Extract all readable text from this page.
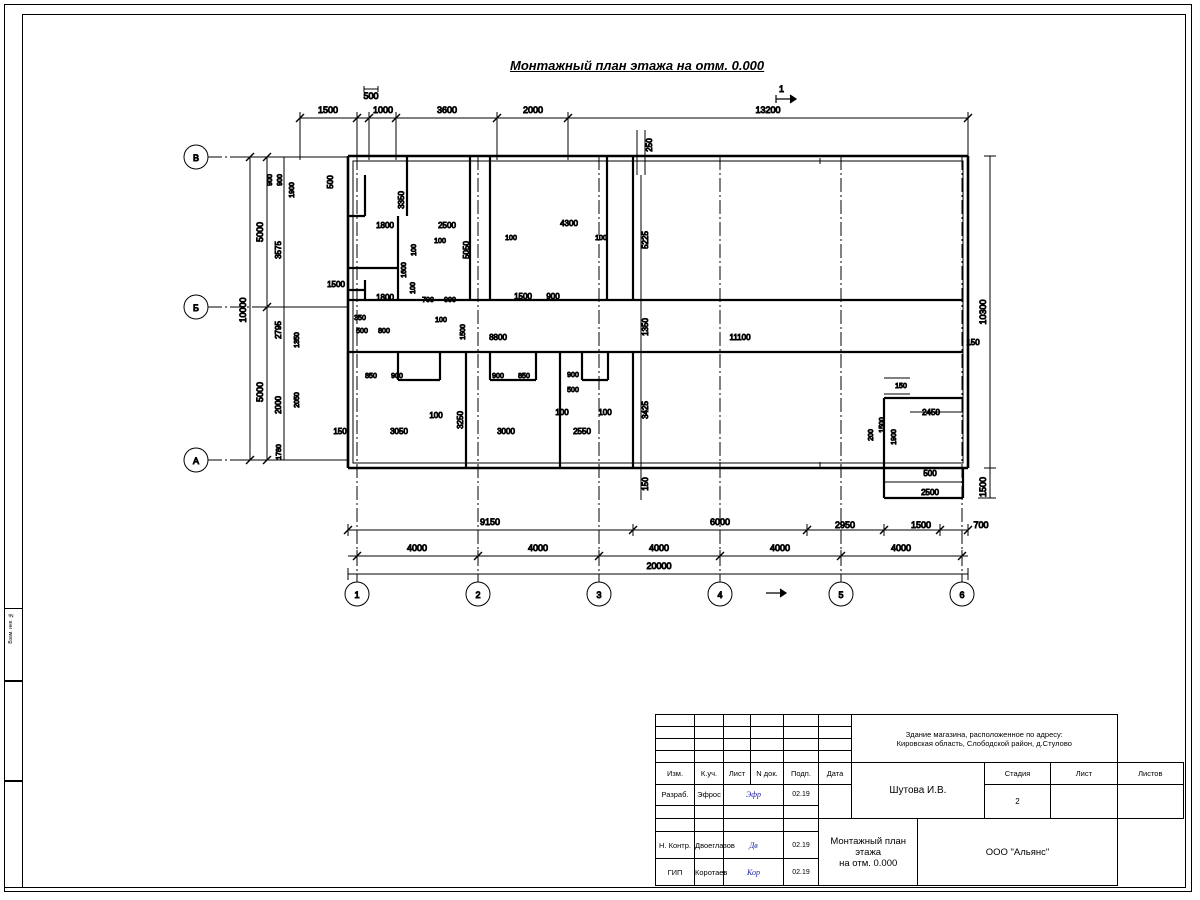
Взам. инв. №
Монтажный план этажа на отм. 0.000
В
Б
А
1	2	3	4	5	6
1
1500
500
1000	3600	2000	13200
10000
5000
5000
3575
2795
2000
1780
2050
1350
900 900
1900
10300
150
1500
9150	6000	2950	1500	700
4000	4000	4000	4000	4000
20000
250
5225
1350
3425
150
500
3350
1800	2500
100 5050
100
4300
100	100
1500
1800
1600
100
700 900	1500 900
350
500 800
100
1500	8800	11100
850 900	900 850	900
500
100 3250	100	100
150	3050	3000	2550
150
200
1500
1900
2450
500
2500

						Здание магазина, расположенное по адресу:
Кировская область, Слободской район, д.Стулово				

Изм.	К.уч.	Лист	N док.	Подп.	Дата	Шутова И.В.		Стадия	Лист	Листов
Разраб.	Эфрос	Эфр		02.19				2		

					Монтажный план этажа
на отм. 0.000		ООО "Альянс"			
Н. Контр.	Двоеглазов	Дв		02.19						
ГИП	Коротаев	Кор		02.19						
